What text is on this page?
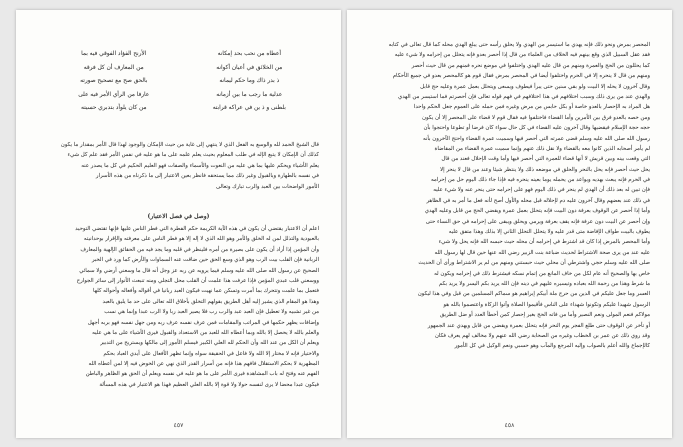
أعطاه من نحب بحد إمكانه
الأرنح الفؤاد الفوقي فيه بما
من الخلائق في أعيان أكوانه
من المعارف أن كل فرقه
ذ بدر ذاك وما حكم ليمانه
بالحق صح مع تصحيح صورته
عدلية ما رجب ما بين أزمانه
عارفا من الرأي الأمر فيه على
بلطنى و ذ ين في عراكه قرابته
من كان يلوأد بتدبري حسيته

قال الشيخ الحمد لله والوسع به الفعل الذي لا ينتهي إلى غاية من حيث الإمكان والوجود لهذا قال الأمر بمقدار ما يكون
كذلك أن الإمكان لا يتبع الإله في طلب المعلوم بحيث يعلم علمه على ما هو عليه في نفس الأمر فقد علم كل شيء
يعلم الأشياء ويحكم عليها بما هي عليه من النعوت والأسماء والصفات فهو العليم الحكيم في كل ما يصدر عنه
في نفسه بالطهارة وبالقبول وغير ذلك مما يستحقه فانظر بعين الاعتبار إلى ما ذكرناه من هذه الأسرار
الأمور الواضحات بين العبد والرب تبارك وتعالى

(وصل في فصل الاعتبار)

اعلم أن الاعتبار يقتضي أن يكون في هذه الآية الكريمة حكم الفطرة التي فطر الناس عليها فإنها تقتضي التوحيد
بالعبودية والتذلل لمن له الخلق والأمر وهو الله الذي لا إله إلا هو فطر الناس على معرفته والإقرار بوحدانيته
وأن المؤمن إذا أراد أن يكون على بصيرة من أمره فلينظر في قلبه وما يجد فيه من الحقائق الإلهية والمعارف
الربانية فإن القلب بيت الرب وهو الذي وسع الحق حين ضاقت عنه السماوات والأرض كما ورد في الخبر
الصحيح عن رسول الله صلى الله عليه وسلم فيما يرويه عن ربه عز وجل أنه قال ما وسعني أرضي ولا سمائي
ووسعني قلب عبدي المؤمن فإذا عرفت هذا علمت أن القلب محل التجلي ومنه تنبعث الأنوار إلى سائر الجوارح
فتعمل بما علمت وتتحرك بما أمرت وتسكن عما نهيت فيكون العبد ربانيا في أقواله وأفعاله وأحواله كلها
وهذا هو المقام الذي يشير إليه أهل الطريق بقولهم التخلق بأخلاق الله تعالى على حد ما يليق بالعبد
من غير تشبيه ولا تعطيل فإن العبد عبد والرب رب فلا يصير العبد ربا ولا الرب عبدا وإنما هي نسب
وإضافات يظهر حكمها في المراتب والمقامات فمن عرف نفسه عرف ربه ومن جهل نفسه فهو بربه أجهل
والعلم بالله لا يحصل إلا بالله وبما أعطاه الله للعبد من الاستعداد والقبول فيرى الأشياء على ما هي عليه
ويعلم أن الكل من عند الله وأن الحكم لله العلي الكبير فيسلم الأمور إلى مالكها ويستريح من التدبير
والاختيار فإنه لا مختار إلا الله ولا فاعل في الحقيقة سواه وإنما تظهر الأفعال على أيدي العباد بحكم
المظهرية لا بحكم الاستقلال فافهم هذا فإنه من أسرار القدر الذي نهي عن الخوض فيه إلا لمن أعطاه الله
الفهم عنه وفتح له باب المشاهدة فيرى الأمر على ما هو عليه في نفسه ويعلم أن الحق هو الظاهر والباطن
فيكون عبدا محضا لا يرى لنفسه حولا ولا قوة إلا بالله العلي العظيم فهذا هو الاعتبار في هذه المسألة

٤٥٧

المحصر بمرض ونحو ذلك فإنه يهدي ما استيسر من الهدي ولا يحلق رأسه حتى يبلغ الهدي محله كما قال تعالى في كتابه
فقد عقل السبيل الذي وقع بينهم فيه الخلاف من العلماء من قال إذا أحصر بعدو فإنه يتحلل من إحرامه ولا شيء عليه
كما يحللون من الحج والعمرة ومنهم من قال عليه الهدي واختلفوا في موضع نحره فمنهم من قال حيث أحصر
ومنهم من قال لا ينحره إلا في الحرم واختلفوا أيضا في المحصر بمرض فقال قوم هو كالمحصر بعدو في جميع الأحكام
وقال آخرون لا يحله إلا البيت ولو بقي سنين حتى يبرأ فيطوف ويسعى ويتحلل بعمل عمرة وعليه حج قابل
والهدي عند من يرى ذلك وسبب اختلافهم في هذا اختلافهم في فهم قوله تعالى فإن أحصرتم فما استيسر من الهدي
هل المراد به الإحصار بالعدو خاصة أو بكل حابس من مرض وغيره فمن حمله على العموم جعل الحكم واحدا
ومن خصه بالعدو فرق بين الأمرين وأما القضاء فاختلفوا فيه فقال قوم لا قضاء على المحصر إلا أن يكون
حجه حجة الإسلام فيقضيها وقال آخرون عليه القضاء في كل حال سواء كان فرضا أو تطوعا واحتجوا بأن
رسول الله صلى الله عليه وسلم قضى عمرته التي أحصر فيها وسميت عمرة القضاء واحتج الآخرون بأنه
لم يأمر أصحابه الذين كانوا معه بالقضاء ولا نقل ذلك عنهم وإنما سميت عمرة القضاء من المقاضاة
التي وقعت بينه وبين قريش لا أنها قضاء للعمرة التي أحصر فيها وأما وقت الإحلال فعند من قال
يحل حيث أحصر فإنه يحل بالنحر والحلق في موضعه ذلك ولا ينتظر شيئا وعند من قال لا ينحر إلا
في الحرم فإنه يبعث بهديه ويواعد من يحمله يوما بعينه ينحره فيه فإذا جاء ذلك اليوم حل من إحرامه
فإن تبين له بعد ذلك أن الهدي لم ينحر في ذلك اليوم فهو على إحرامه حتى ينحر عنه ولا شيء عليه
في ذلك عند بعضهم وقال آخرون عليه دم لإحلاله قبل محله والأول أصح لأنه فعل ما أمر به في الظاهر
وأما إذا أحصر عن الوقوف بعرفة دون البيت فإنه يتحلل بعمل عمرة ويقضي الحج من قابل وعليه الهدي
وإن أحصر عن البيت دون عرفة فإنه يقف بعرفة ويرمي ويحلق ويبقى على إحرامه في حق النساء حتى
يطوف بالبيت طواف الإفاضة متى قدر عليه ولا يتحلل التحلل الثاني إلا بذلك وهذا متفق عليه
وأما المحصر بالمرض إذا كان قد اشترط في إحرامه أن محله حيث حبسه الله فإنه يحل ولا شيء
عليه عند من يرى صحة الاشتراط لحديث ضباعة بنت الزبير رضي الله عنها حين قال لها رسول الله
صلى الله عليه وسلم حجي واشترطي أن محلي حيث حبستني ومنهم من لم ير الاشتراط ورأى أن الحديث
خاص بها والصحيح أنه عام لكل من خاف المانع من إتمام نسكه فيشترط ذلك في إحرامه ويكون له
ما شرط وهذا من رحمة الله بعباده وتيسيره عليهم في دينه فإن الله يريد بكم اليسر ولا يريد بكم
العسر وما جعل عليكم في الدين من حرج ملة أبيكم إبراهيم هو سماكم المسلمين من قبل وفي هذا ليكون
الرسول شهيدا عليكم وتكونوا شهداء على الناس فأقيموا الصلاة وآتوا الزكاة واعتصموا بالله هو
مولاكم فنعم المولى ونعم النصير وأما من فاته الحج بغير إحصار كمن أخطأ العدد أو ضل الطريق
أو تأخر عن الوقوف حتى طلع الفجر يوم النحر فإنه يتحلل بعمرة ويقضي من قابل ويهدي عند الجمهور
وقد روي ذلك عن عمر بن الخطاب وغيره من الصحابة رضي الله عنهم ولا مخالف لهم يعرف فكان
كالإجماع والله أعلم بالصواب وإليه المرجع والمآب وهو حسبي ونعم الوكيل في كل الأمور

٤٥٨
